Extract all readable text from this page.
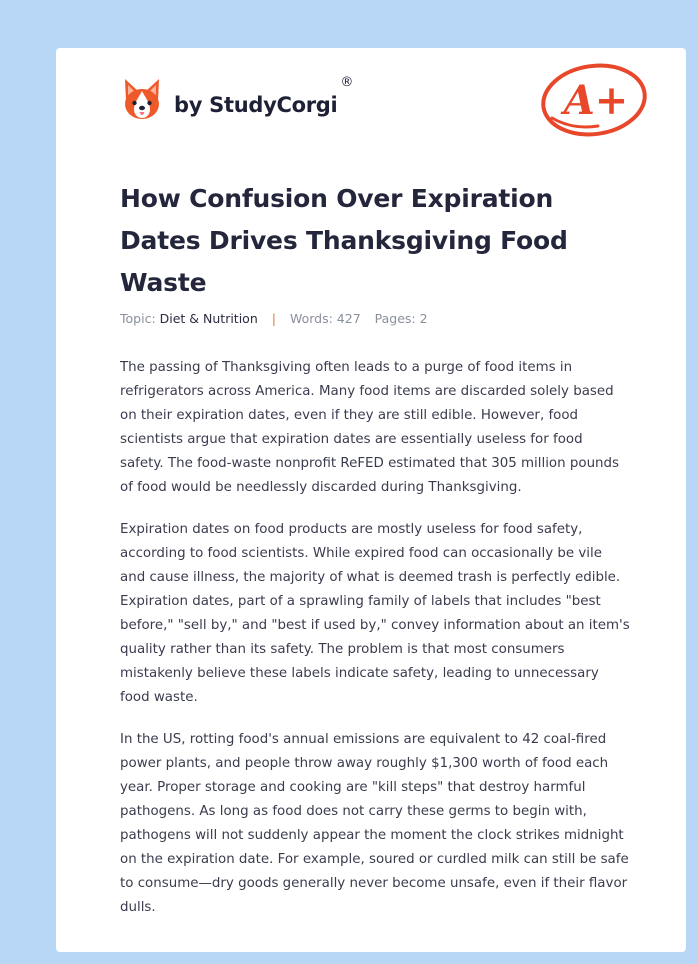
by StudyCorgi
®	A+
How Confusion Over Expiration Dates Drives Thanksgiving Food Waste
Topic: Diet & Nutrition | Words: 427 Pages: 2

The passing of Thanksgiving often leads to a purge of food items in refrigerators across America. Many food items are discarded solely based on their expiration dates, even if they are still edible. However, food scientists argue that expiration dates are essentially useless for food safety. The food-waste nonprofit ReFED estimated that 305 million pounds of food would be needlessly discarded during Thanksgiving.

Expiration dates on food products are mostly useless for food safety, according to food scientists. While expired food can occasionally be vile and cause illness, the majority of what is deemed trash is perfectly edible. Expiration dates, part of a sprawling family of labels that includes "best before," "sell by," and "best if used by," convey information about an item's quality rather than its safety. The problem is that most consumers mistakenly believe these labels indicate safety, leading to unnecessary food waste.

In the US, rotting food's annual emissions are equivalent to 42 coal-fired power plants, and people throw away roughly $1,300 worth of food each year. Proper storage and cooking are "kill steps" that destroy harmful pathogens. As long as food does not carry these germs to begin with, pathogens will not suddenly appear the moment the clock strikes midnight on the expiration date. For example, soured or curdled milk can still be safe to consume—dry goods generally never become unsafe, even if their flavor dulls.
